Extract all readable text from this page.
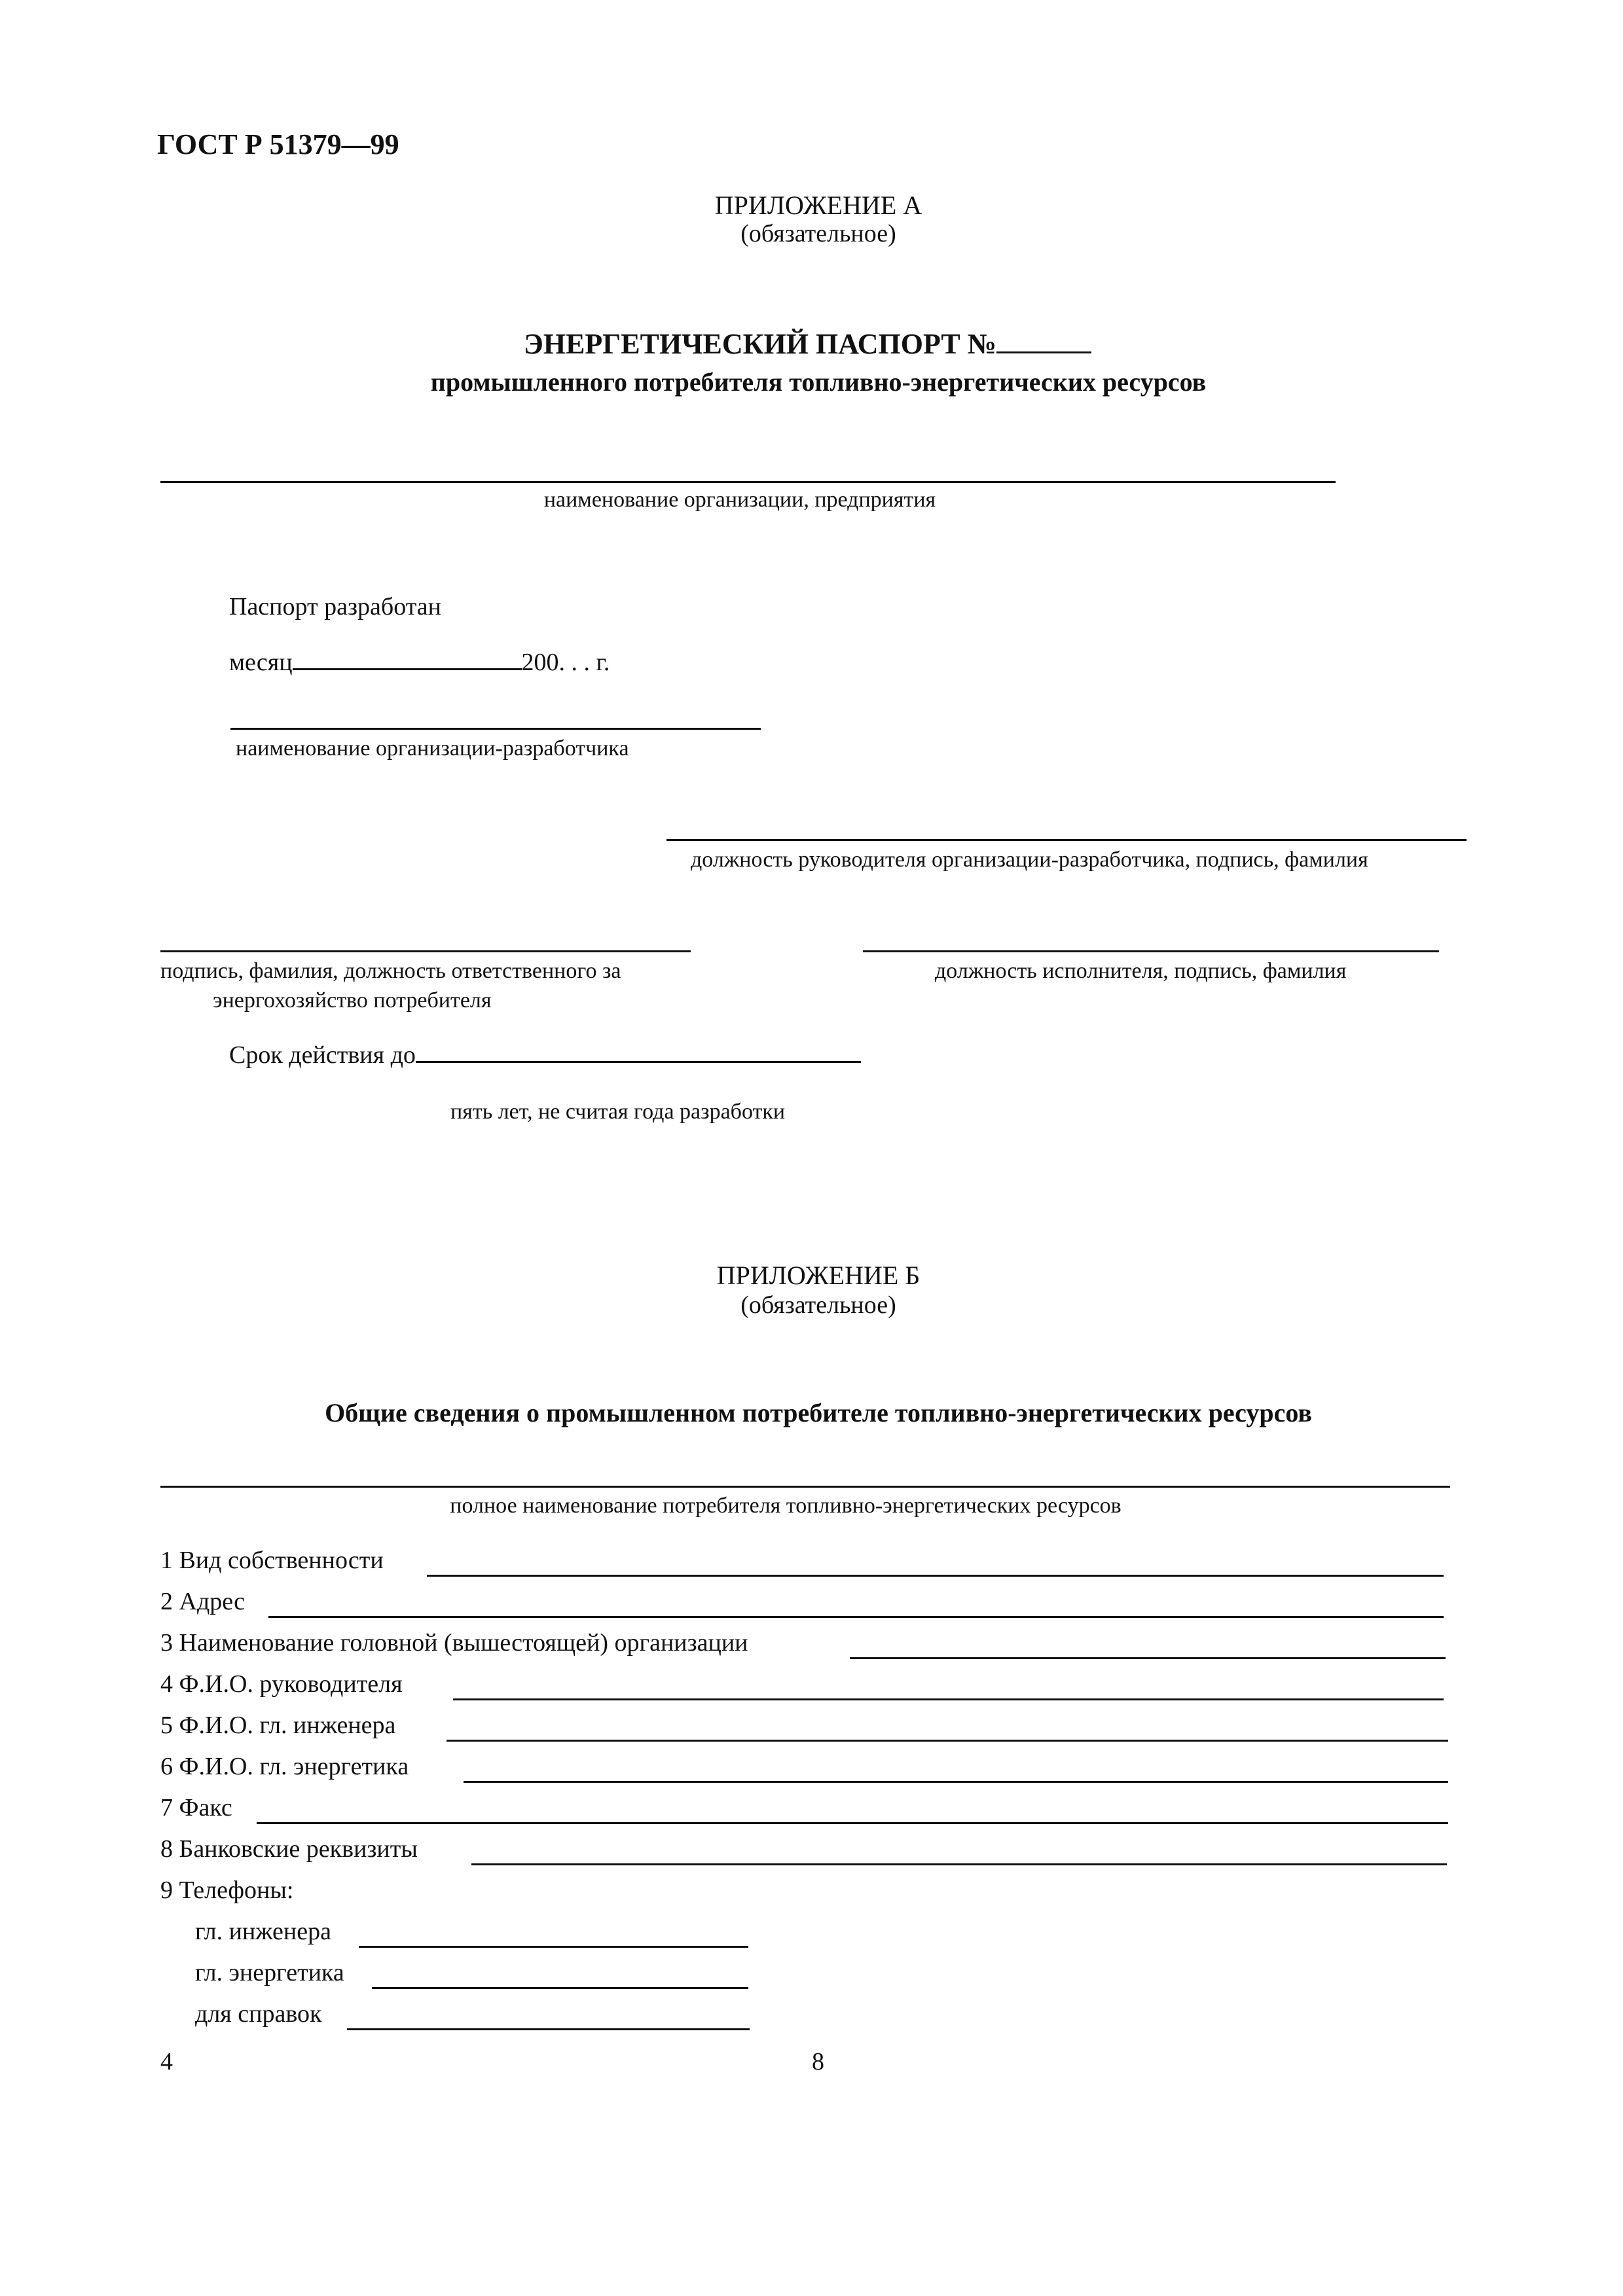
ГОСТ Р 51379—99
ПРИЛОЖЕНИЕ А
(обязательное)
ЭНЕРГЕТИЧЕСКИЙ ПАСПОРТ №
промышленного потребителя топливно-энергетических ресурсов
наименование организации, предприятия
Паспорт разработан
месяц	200. . . г.
наименование организации-разработчика
должность руководителя организации-разработчика, подпись, фамилия
подпись, фамилия, должность ответственного за
энергохозяйство потребителя
должность исполнителя, подпись, фамилия
Срок действия до
пять лет, не считая года разработки
ПРИЛОЖЕНИЕ Б
(обязательное)
Общие сведения о промышленном потребителе топливно-энергетических ресурсов
полное наименование потребителя топливно-энергетических ресурсов
1 Вид собственности
2 Адрес
3 Наименование головной (вышестоящей) организации
4 Ф.И.О. руководителя
5 Ф.И.О. гл. инженера
6 Ф.И.О. гл. энергетика
7 Факс
8 Банковские реквизиты
9 Телефоны:
гл. инженера
гл. энергетика
для справок
4	8
